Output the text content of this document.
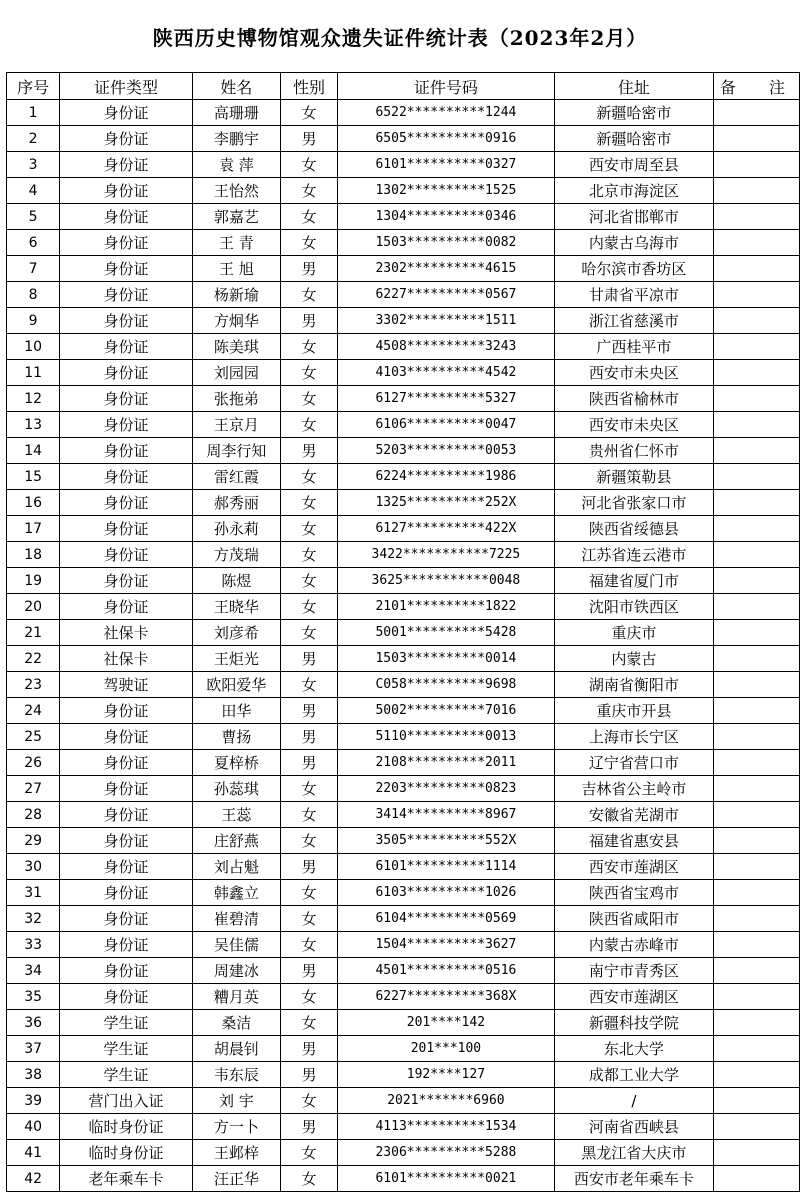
陕西历史博物馆观众遗失证件统计表（2023年2月）
序号	证件类型	姓名	性别	证件号码	住址	备 注
1	身份证	高珊珊	女	6522**********1244	新疆哈密市	
2	身份证	李鹏宇	男	6505**********0916	新疆哈密市	
3	身份证	袁 萍	女	6101**********0327	西安市周至县	
4	身份证	王怡然	女	1302**********1525	北京市海淀区	
5	身份证	郭嘉艺	女	1304**********0346	河北省邯郸市	
6	身份证	王 青	女	1503**********0082	内蒙古乌海市	
7	身份证	王 旭	男	2302**********4615	哈尔滨市香坊区	
8	身份证	杨新瑜	女	6227**********0567	甘肃省平凉市	
9	身份证	方炯华	男	3302**********1511	浙江省慈溪市	
10	身份证	陈美琪	女	4508**********3243	广西桂平市	
11	身份证	刘园园	女	4103**********4542	西安市未央区	
12	身份证	张拖弟	女	6127**********5327	陕西省榆林市	
13	身份证	王京月	女	6106**********0047	西安市未央区	
14	身份证	周李行知	男	5203**********0053	贵州省仁怀市	
15	身份证	雷红霞	女	6224**********1986	新疆策勒县	
16	身份证	郝秀丽	女	1325**********252X	河北省张家口市	
17	身份证	孙永莉	女	6127**********422X	陕西省绥德县	
18	身份证	方茂瑞	女	3422***********7225	江苏省连云港市	
19	身份证	陈煜	女	3625***********0048	福建省厦门市	
20	身份证	王晓华	女	2101**********1822	沈阳市铁西区	
21	社保卡	刘彦希	女	5001**********5428	重庆市	
22	社保卡	王炬光	男	1503**********0014	内蒙古	
23	驾驶证	欧阳爱华	女	C058**********9698	湖南省衡阳市	
24	身份证	田华	男	5002**********7016	重庆市开县	
25	身份证	曹扬	男	5110**********0013	上海市长宁区	
26	身份证	夏梓桥	男	2108**********2011	辽宁省营口市	
27	身份证	孙蕊琪	女	2203**********0823	吉林省公主岭市	
28	身份证	王蕊	女	3414**********8967	安徽省芜湖市	
29	身份证	庄舒燕	女	3505**********552X	福建省惠安县	
30	身份证	刘占魁	男	6101**********1114	西安市莲湖区	
31	身份证	韩鑫立	女	6103**********1026	陕西省宝鸡市	
32	身份证	崔碧清	女	6104**********0569	陕西省咸阳市	
33	身份证	吴佳儒	女	1504**********3627	内蒙古赤峰市	
34	身份证	周建冰	男	4501**********0516	南宁市青秀区	
35	身份证	糟月英	女	6227**********368X	西安市莲湖区	
36	学生证	桑洁	女	201****142	新疆科技学院	
37	学生证	胡晨钊	男	201***100	东北大学	
38	学生证	韦东辰	男	192****127	成都工业大学	
39	营门出入证	刘 宇	女	2021*******6960	/	
40	临时身份证	方一卜	男	4113**********1534	河南省西峡县	
41	临时身份证	王邺梓	女	2306**********5288	黑龙江省大庆市	
42	老年乘车卡	汪正华	女	6101**********0021	西安市老年乘车卡	
